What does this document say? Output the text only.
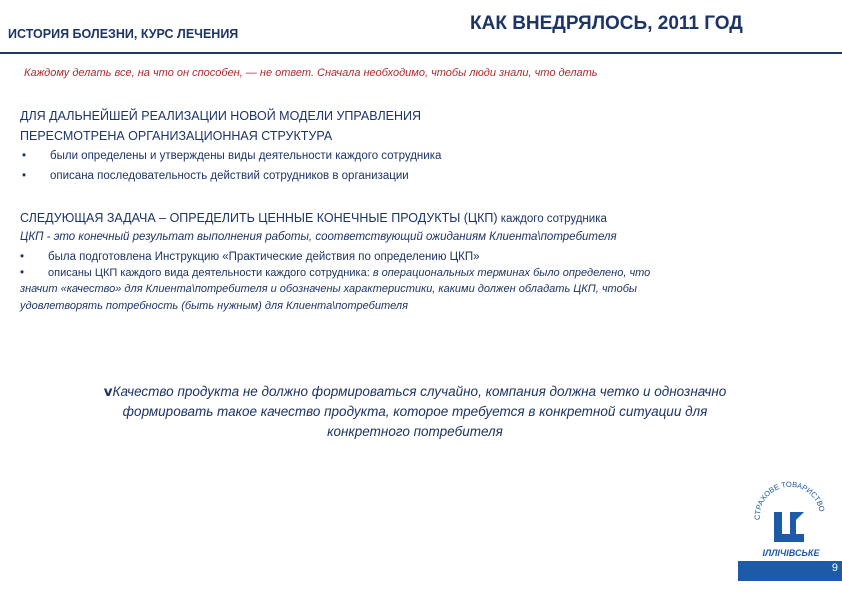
ИСТОРИЯ БОЛЕЗНИ, КУРС ЛЕЧЕНИЯ	КАК ВНЕДРЯЛОСЬ, 2011 ГОД
Каждому делать все, на что он способен, — не ответ. Сначала необходимо, чтобы люди знали, что делать
ДЛЯ ДАЛЬНЕЙШЕЙ РЕАЛИЗАЦИИ НОВОЙ МОДЕЛИ УПРАВЛЕНИЯ
ПЕРЕСМОТРЕНА ОРГАНИЗАЦИОННАЯ СТРУКТУРА
• были определены и утверждены виды деятельности каждого сотрудника
• описана последовательность действий сотрудников в организации
СЛЕДУЮЩАЯ ЗАДАЧА – ОПРЕДЕЛИТЬ ЦЕННЫЕ КОНЕЧНЫЕ ПРОДУКТЫ (ЦКП) каждого сотрудника
ЦКП - это конечный результат выполнения работы, соответствующий ожиданиям Клиента\потребителя
• была подготовлена Инструкцию «Практические действия по определению ЦКП»
• описаны ЦКП каждого вида деятельности каждого сотрудника: в операциональных терминах было определено, что
значит «качество» для Клиента\потребителя и обозначены характеристики, какими должен обладать ЦКП, чтобы
удовлетворять потребность (быть нужным) для Клиента\потребителя
vКачество продукта не должно формироваться случайно, компания должна четко и однозначно
формировать такое качество продукта, которое требуется в конкретной ситуации для
конкретного потребителя
СТРАХОВЕ ТОВАРИСТВО
ІЛЛІЧІВСЬКЕ
9
